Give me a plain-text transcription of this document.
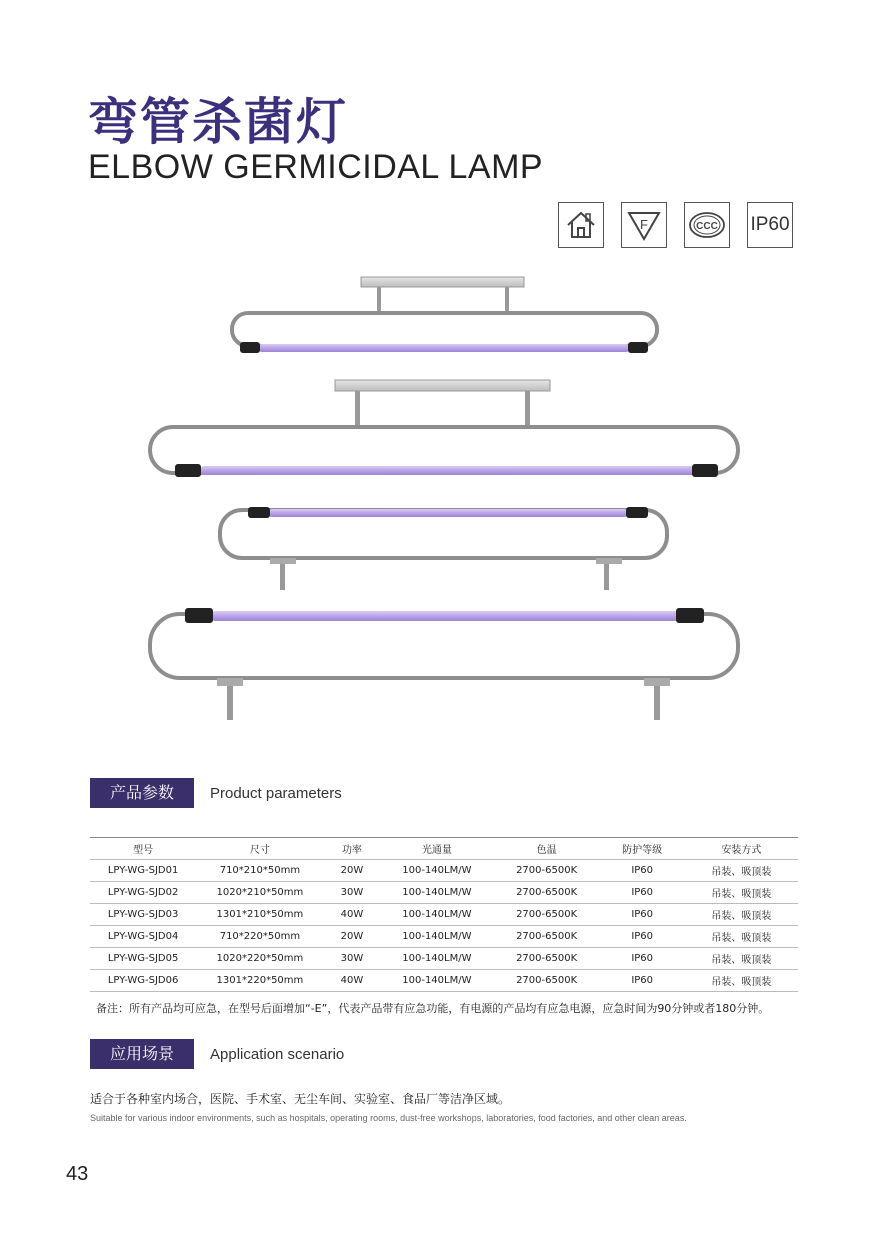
弯管杀菌灯
ELBOW GERMICIDAL LAMP
F	CCC IP60
产品参数	Product parameters
型号	尺寸	功率	光通量	色温	防护等级	安装方式
LPY-WG-SJD01	710*210*50mm	20W	100-140LM/W	2700-6500K	IP60	吊装、吸顶装
LPY-WG-SJD02	1020*210*50mm	30W	100-140LM/W	2700-6500K	IP60	吊装、吸顶装
LPY-WG-SJD03	1301*210*50mm	40W	100-140LM/W	2700-6500K	IP60	吊装、吸顶装
LPY-WG-SJD04	710*220*50mm	20W	100-140LM/W	2700-6500K	IP60	吊装、吸顶装
LPY-WG-SJD05	1020*220*50mm	30W	100-140LM/W	2700-6500K	IP60	吊装、吸顶装
LPY-WG-SJD06	1301*220*50mm	40W	100-140LM/W	2700-6500K	IP60	吊装、吸顶装
备注：所有产品均可应急，在型号后面增加“-E”，代表产品带有应急功能，有电源的产品均有应急电源，应急时间为90分钟或者180分钟。
应用场景	Application scenario
适合于各种室内场合，医院、手术室、无尘车间、实验室、食品厂等洁净区域。
Suitable for various indoor environments, such as hospitals, operating rooms, dust-free workshops, laboratories, food factories, and other clean areas.
43
